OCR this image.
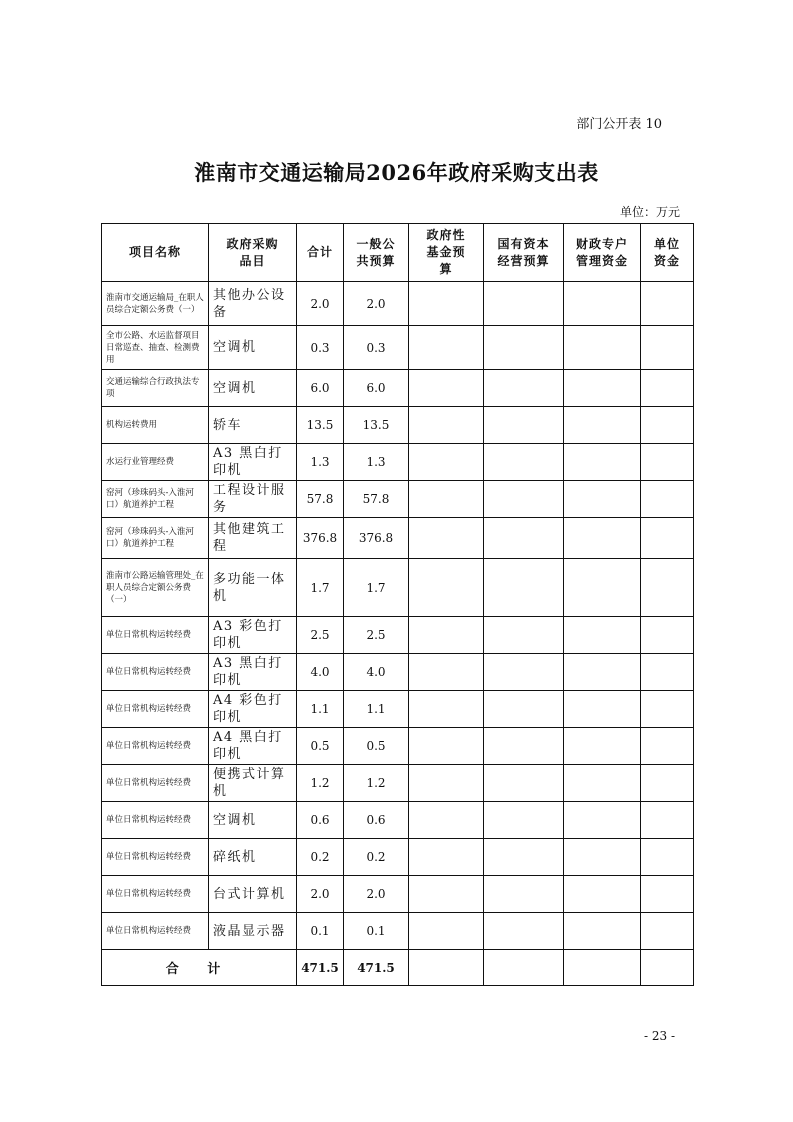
部门公开表 10
淮南市交通运输局2026年政府采购支出表
单位：万元
项目名称	政府采购品目	合计	一般公共预算	政府性基金预算	国有资本经营预算	财政专户管理资金	单位资金
淮南市交通运输局_在职人员综合定额公务费（一）	其他办公设备	2.0	2.0				
全市公路、水运监督项目日常巡查、抽查、检测费用	空调机	0.3	0.3				
交通运输综合行政执法专项	空调机	6.0	6.0				
机构运转费用	轿车	13.5	13.5				
水运行业管理经费	A3 黑白打印机	1.3	1.3				
窑河（珍珠码头-入淮河口）航道养护工程	工程设计服务	57.8	57.8				
窑河（珍珠码头-入淮河口）航道养护工程	其他建筑工程	376.8	376.8				
淮南市公路运输管理处_在职人员综合定额公务费（一）	多功能一体机	1.7	1.7				
单位日常机构运转经费	A3 彩色打印机	2.5	2.5				
单位日常机构运转经费	A3 黑白打印机	4.0	4.0				
单位日常机构运转经费	A4 彩色打印机	1.1	1.1				
单位日常机构运转经费	A4 黑白打印机	0.5	0.5				
单位日常机构运转经费	便携式计算机	1.2	1.2				
单位日常机构运转经费	空调机	0.6	0.6				
单位日常机构运转经费	碎纸机	0.2	0.2				
单位日常机构运转经费	台式计算机	2.0	2.0				
单位日常机构运转经费	液晶显示器	0.1	0.1				
合 计		471.5	471.5				
- 23 -
